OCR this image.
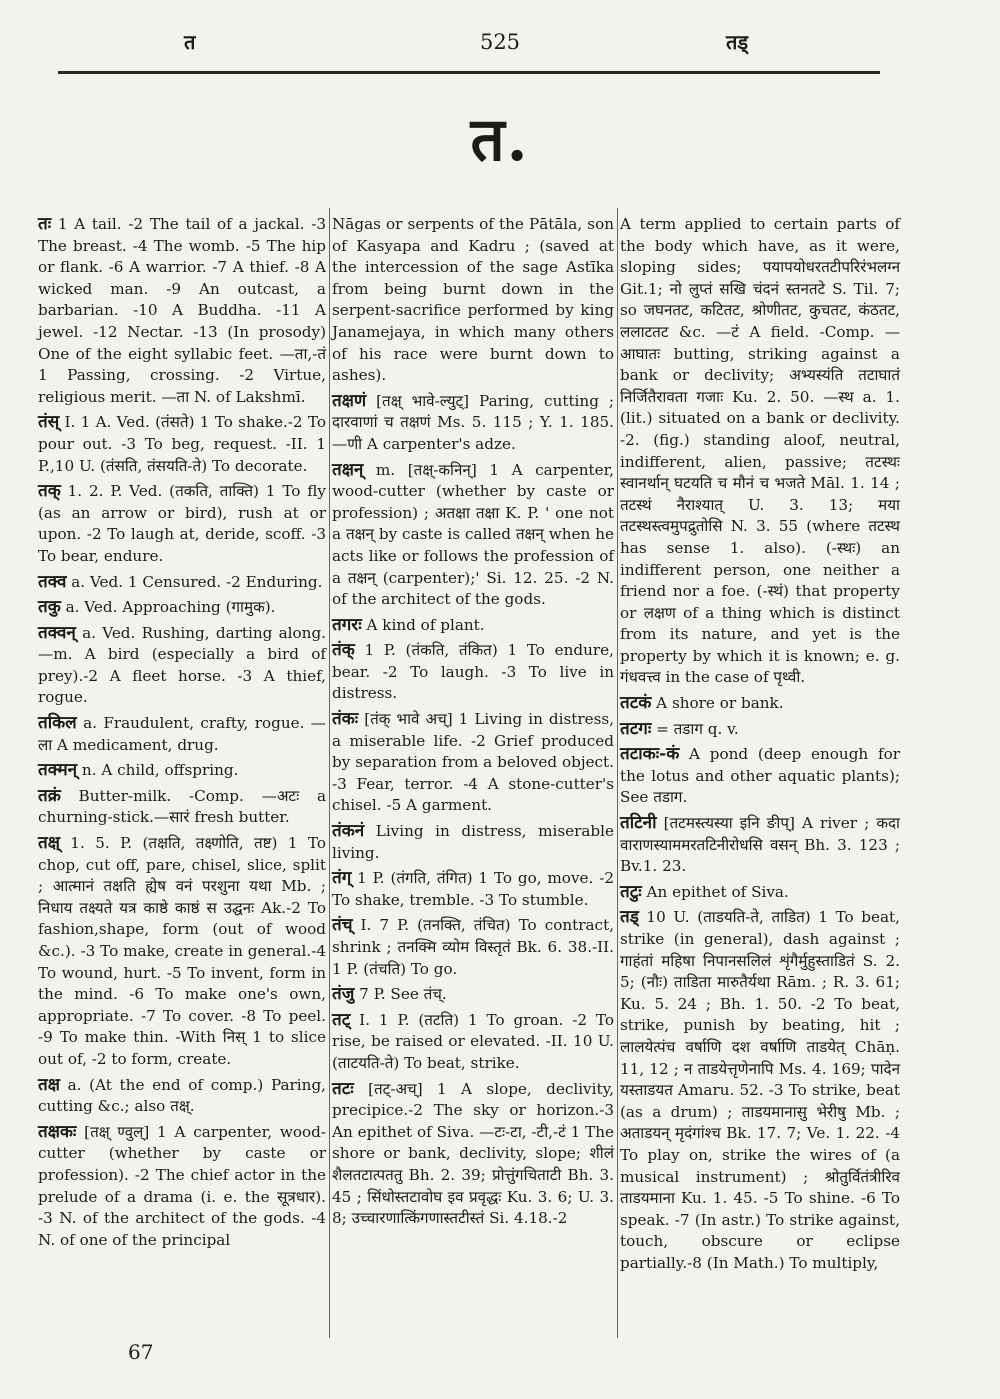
त	525	तड्
त.

तः 1 A tail. -2 The tail of a jackal. -3 The breast. -4 The womb. -5 The hip or flank. -6 A warrior. -7 A thief. -8 A wicked man. -9 An outcast, a barbarian. -10 A Buddha. -11 A jewel. -12 Nectar. -13 (In prosody) One of the eight syllabic feet. —ता,-तं 1 Passing, crossing. -2 Virtue, religious merit. —ता N. of Lakshmī.

तंस् I. 1 A. Ved. (तंसते) 1 To shake.-2 To pour out. -3 To beg, request. -II. 1 P.,10 U. (तंसति, तंसयति-ते) To decorate.

तक् 1. 2. P. Ved. (तकति, ताक्ति) 1 To fly (as an arrow or bird), rush at or upon. -2 To laugh at, deride, scoff. -3 To bear, endure.

तक्व a. Ved. 1 Censured. -2 Enduring.

तकु a. Ved. Approaching (गामुक).

तक्वन् a. Ved. Rushing, darting along. —m. A bird (especially a bird of prey).-2 A fleet horse. -3 A thief, rogue.

तकिल a. Fraudulent, crafty, rogue. —ला A medicament, drug.

तक्मन् n. A child, offspring.

तक्रं Butter-milk. -Comp. —अटः a churning-stick.—सारं fresh butter.

तक्ष् 1. 5. P. (तक्षति, तक्ष्णोति, तष्ट) 1 To chop, cut off, pare, chisel, slice, split ; आत्मानं तक्षति ह्येष वनं परशुना यथा Mb. ; निधाय तक्ष्यते यत्र काष्ठे काष्ठं स उद्घनः Ak.-2 To fashion,shape, form (out of wood &c.). -3 To make, create in general.-4 To wound, hurt. -5 To invent, form in the mind. -6 To make one's own, appropriate. -7 To cover. -8 To peel. -9 To make thin. -With निस् 1 to slice out of, -2 to form, create.

तक्ष a. (At the end of comp.) Paring, cutting &c.; also तक्ष्.

तक्षकः [तक्ष् ण्वुल्] 1 A carpenter, wood-cutter (whether by caste or profession). -2 The chief actor in the prelude of a drama (i. e. the सूत्रधार). -3 N. of the architect of the gods. -4 N. of one of the principal

Nāgas or serpents of the Pātāla, son of Kasyapa and Kadru ; (saved at the intercession of the sage Astīka from being burnt down in the serpent-sacrifice performed by king Janamejaya, in which many others of his race were burnt down to ashes).

तक्षणं [तक्ष् भावे-ल्युट्] Paring, cutting ; दारवाणां च तक्षणं Ms. 5. 115 ; Y. 1. 185. —णी A carpenter's adze.

तक्षन् m. [तक्ष्-कनिन्] 1 A carpenter, wood-cutter (whether by caste or profession) ; अतक्षा तक्षा K. P. ' one not a तक्षन् by caste is called तक्षन् when he acts like or follows the profession of a तक्षन् (carpenter);' Si. 12. 25. -2 N. of the architect of the gods.

तगरः A kind of plant.

तंक् 1 P. (तंकति, तंकित) 1 To endure, bear. -2 To laugh. -3 To live in distress.

तंकः [तंक् भावे अच्] 1 Living in distress, a miserable life. -2 Grief produced by separation from a beloved object. -3 Fear, terror. -4 A stone-cutter's chisel. -5 A garment.

तंकनं Living in distress, miserable living.

तंग् 1 P. (तंगति, तंगित) 1 To go, move. -2 To shake, tremble. -3 To stumble.

तंच् I. 7 P. (तनक्ति, तंचित) To contract, shrink ; तनक्मि व्योम विस्तृतं Bk. 6. 38.-II. 1 P. (तंचति) To go.

तंजु 7 P. See तंच्.

तट् I. 1 P. (तटति) 1 To groan. -2 To rise, be raised or elevated. -II. 10 U. (ताटयति-ते) To beat, strike.

तटः [तट्-अच्] 1 A slope, declivity, precipice.-2 The sky or horizon.-3 An epithet of Siva. —टः-टा, -टी,-टं 1 The shore or bank, declivity, slope; शीलं शैलतटात्पततु Bh. 2. 39; प्रोत्तुंगचिताटी Bh. 3. 45 ; सिंधोस्तटावोघ इव प्रवृद्धः Ku. 3. 6; U. 3. 8; उच्चारणात्किंगणास्तटीस्तं Si. 4.18.-2

A term applied to certain parts of the body which have, as it were, sloping sides; पयापयोधरतटीपरिरंभलग्न Git.1; नो लुप्तं सखि चंदनं स्तनतटे S. Til. 7; so जघनतट, कटितट, श्रोणीतट, कुचतट, कंठतट, ललाटतट &c. —टं A field. -Comp. —आघातः butting, striking against a bank or declivity; अभ्यस्यंति तटाघातं निर्जितैरावता गजाः Ku. 2. 50. —स्थ a. 1. (lit.) situated on a bank or declivity. -2. (fig.) standing aloof, neutral, indifferent, alien, passive; तटस्थः स्वानर्थान् घटयति च मौनं च भजते Māl. 1. 14 ; तटस्थं नैराश्यात् U. 3. 13; मया तटस्थस्त्वमुपद्रुतोसि N. 3. 55 (where तटस्थ has sense 1. also). (-स्थः) an indifferent person, one neither a friend nor a foe. (-स्थं) that property or लक्षण of a thing which is distinct from its nature, and yet is the property by which it is known; e. g. गंधवत्त्व in the case of पृथ्वी.

तटकं A shore or bank.

तटगः = तडाग q. v.

तटाकः-कं A pond (deep enough for the lotus and other aquatic plants); See तडाग.

तटिनी [तटमस्त्यस्या इनि ङीप्] A river ; कदा वाराणस्याममरतटिनीरोधसि वसन् Bh. 3. 123 ; Bv.1. 23.

तटुः An epithet of Siva.

तड् 10 U. (ताडयति-ते, ताडित) 1 To beat, strike (in general), dash against ; गाहंतां महिषा निपानसलिलं शृंगैर्मुहुस्ताडितं S. 2. 5; (नौः) ताडिता मारुतैर्यथा Rām. ; R. 3. 61; Ku. 5. 24 ; Bh. 1. 50. -2 To beat, strike, punish by beating, hit ; लालयेत्पंच वर्षाणि दश वर्षाणि ताडयेत् Chāṇ. 11, 12 ; न ताडयेत्तृणेनापि Ms. 4. 169; पादेन यस्ताडयत Amaru. 52. -3 To strike, beat (as a drum) ; ताडयमानासु भेरीषु Mb. ; अताडयन् मृदंगांश्च Bk. 17. 7; Ve. 1. 22. -4 To play on, strike the wires of (a musical instrument) ; श्रोतुर्वितंत्रीरिव ताडयमाना Ku. 1. 45. -5 To shine. -6 To speak. -7 (In astr.) To strike against, touch, obscure or eclipse partially.-8 (In Math.) To multiply,

67
